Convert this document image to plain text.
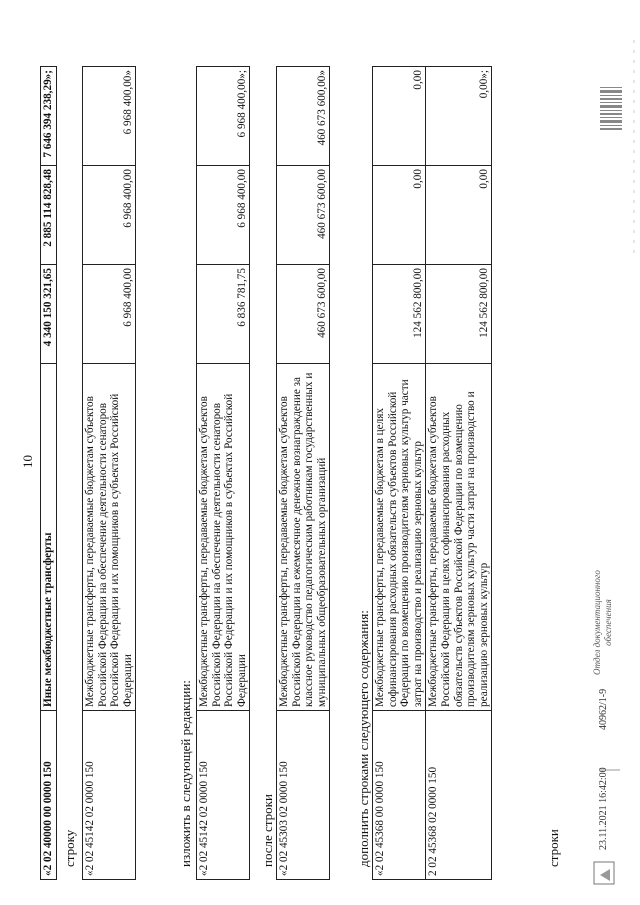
10
«2 02 40000 00 0000 150	Иные межбюджетные трансферты	4 340 150 321,65	2 885 114 828,48	7 646 394 238,29»;
строку «2 02 45142 02 0000 150	Межбюджетные трансферты, передаваемые бюджетам субъектов Российской Федерации на обеспечение деятельности сенаторов Российской Федерации и их помощников в субъектах Российской Федерации	6 968 400,00	6 968 400,00	6 968 400,00»
изложить в следующей редакции: «2 02 45142 02 0000 150	Межбюджетные трансферты, передаваемые бюджетам субъектов Российской Федерации на обеспечение деятельности сенаторов Российской Федерации и их помощников в субъектах Российской Федерации	6 836 781,75	6 968 400,00	6 968 400,00»;
после строки «2 02 45303 02 0000 150	Межбюджетные трансферты, передаваемые бюджетам субъектов Российской Федерации на ежемесячное денежное вознаграждение за классное руководство педагогическим работникам государственных и муниципальных общеобразовательных организаций	460 673 600,00	460 673 600,00	460 673 600,00»
дополнить строками следующего содержания: «2 02 45368 00 0000 150	Межбюджетные трансферты, передаваемые бюджетам в целях софинансирования расходных обязательств субъектов Российской Федерации по возмещению производителям зерновых культур части затрат на производство и реализацию зерновых культур	124 562 800,00	0,00	0,00
2 02 45368 02 0000 150	Межбюджетные трансферты, передаваемые бюджетам субъектов Российской Федерации в целях софинансирования расходных обязательств субъектов Российской Федерации по возмещению производителям зерновых культур части затрат на производство и реализацию зерновых культур	124 562 800,00	0,00	0,00»;
строки	23.11.2021 16:42:00
40962/1-9
Отдел документационного обеспечения
